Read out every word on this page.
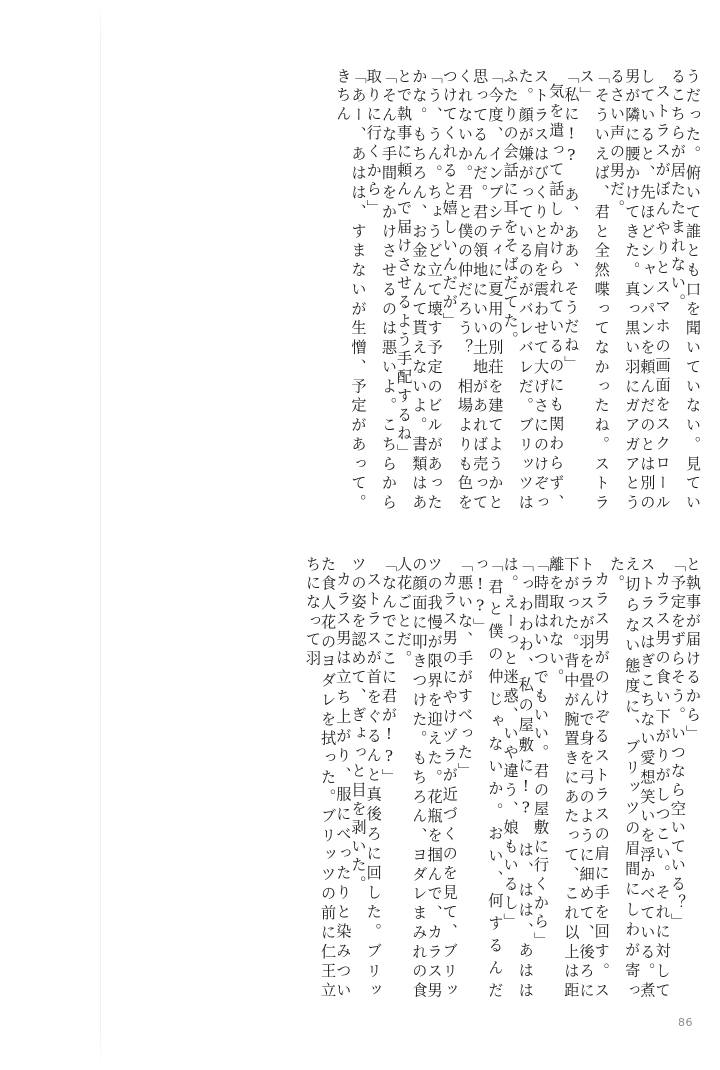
うだった。俯いて誰とも口を聞いていない。見ているこちらが居たたまれない。

ストラスがぼんやりとスマホの画面をスクロールしていると、先ほどシャンパンを頼んだのとは別の男が隣に腰かけてきた。真っ黒い羽にガアガアとうるさい声の男だ。

「そういえば、君と全然喋ってなかったね。ストラス」

「私に!?　あ、ああ、そうだね」

気を遣って話しかけられているのにも関わらず、ストラスはびくりと肩を震わせて大げさにのけぞった。顔が嫌がっているのがバレバレだ。ブリッツはふたりの会話に耳をそばだてた。

「今度、インプシティに夏用の別荘を建てようかと思ってるんだ。君の領地にいい土地があれば売ってくれないか。君と僕の仲だろう？　相場よりも色をつけてくれると嬉しいんだが」

「う、うん。ちょうど立て壊す予定のビルがあったかな。もちろん、お金なんて貰えないよ。書類はあとで執事に頼んで届けさせるよう手配するね」

「そんな手間をかけさせるのは悪いよ。こちらから取りに行くから」

「あー、あはは、すまないが生憎、予定があって。きちん

と執事が届けるから」

「予定をずらそう。いつなら空いている？」

カラス男の食い下がりがしつこい。それに対してストラスはぎこちない愛想笑いを浮かべている。煮え切らない態度に、ブリッツの眉間にしわが寄った。

カラス男がのけぞるストラスの肩に手を回す。ストラスが羽を畳んで身を弓のように細めて、後ろに下がった。背中が腕置きにあたって、これ以上は距離を取れない。

「時間はいつでもいい。君の屋敷に行くから」

「っわわわ、私の屋敷に!?　は、はは、あははは。えーっと迷惑、いや違う、娘もいるし」

「君と僕の仲じゃないか。おい、何するんだっ!?」

「悪いな、手がすべった」

カラス男のにやけヅラが近づくのを見て、ブリッツの我慢が限界を迎えた。花瓶を掴んで、カラス男の顔面に叩きつけた。もちろん、ヨダレまみれの食人花ごとだ。

「なんでここに君が!?」

ストラスが首をぐるんと真後ろに回した。ブリッツの姿を認めて、ぎょっと目を剥いた。

カラス男は立ち上がり、服にべったりと染みついた食人花のヨダレを拭った。ブリッツの前に仁王立ちになって羽

86
